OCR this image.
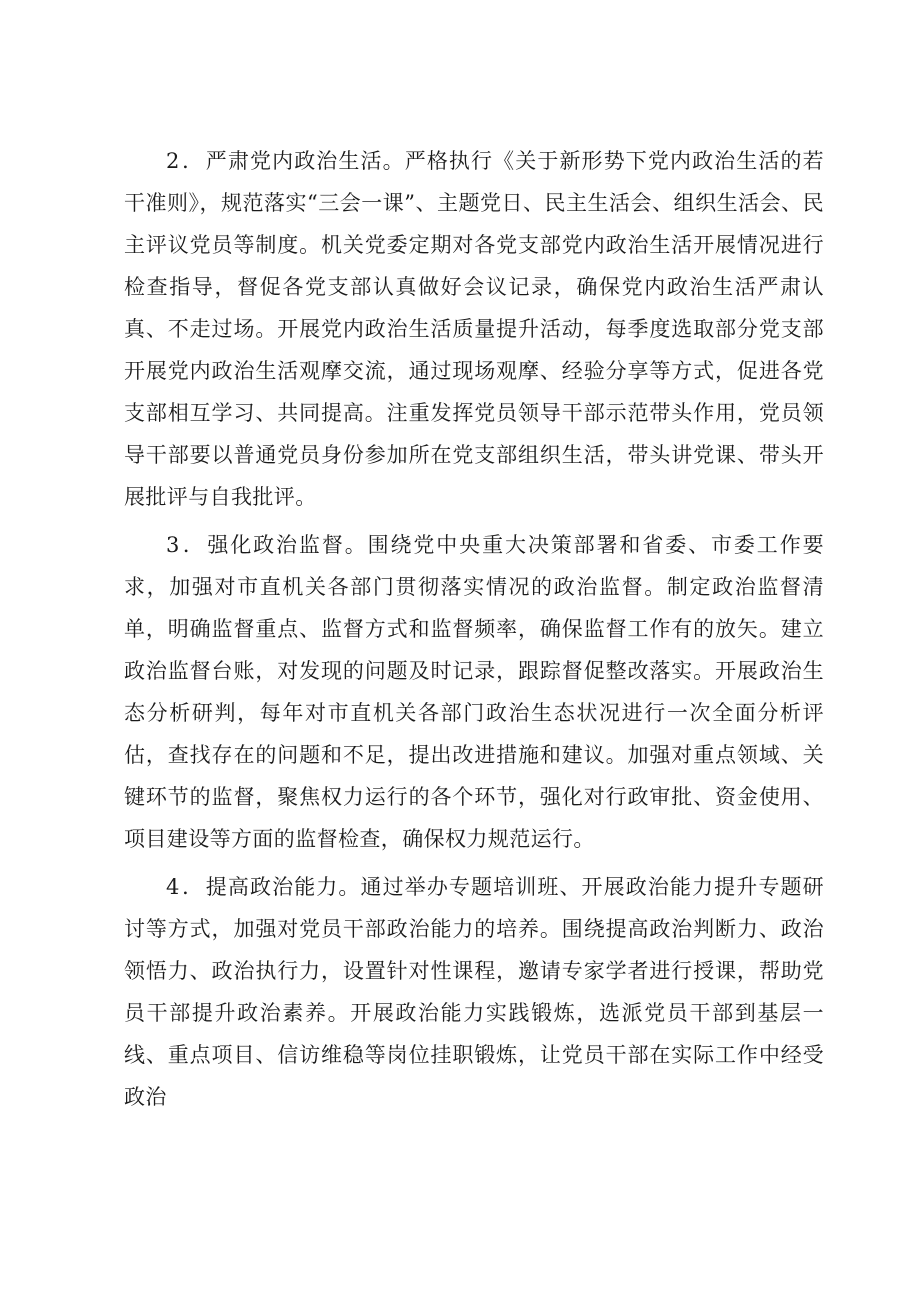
2．严肃党内政治生活。严格执行《关于新形势下党内政治生活的若干准则》，规范落实“三会一课”、主题党日、民主生活会、组织生活会、民主评议党员等制度。机关党委定期对各党支部党内政治生活开展情况进行检查指导，督促各党支部认真做好会议记录，确保党内政治生活严肃认真、不走过场。开展党内政治生活质量提升活动，每季度选取部分党支部开展党内政治生活观摩交流，通过现场观摩、经验分享等方式，促进各党支部相互学习、共同提高。注重发挥党员领导干部示范带头作用，党员领导干部要以普通党员身份参加所在党支部组织生活，带头讲党课、带头开展批评与自我批评。

3．强化政治监督。围绕党中央重大决策部署和省委、市委工作要求，加强对市直机关各部门贯彻落实情况的政治监督。制定政治监督清单，明确监督重点、监督方式和监督频率，确保监督工作有的放矢。建立政治监督台账，对发现的问题及时记录，跟踪督促整改落实。开展政治生态分析研判，每年对市直机关各部门政治生态状况进行一次全面分析评估，查找存在的问题和不足，提出改进措施和建议。加强对重点领域、关键环节的监督，聚焦权力运行的各个环节，强化对行政审批、资金使用、项目建设等方面的监督检查，确保权力规范运行。

4．提高政治能力。通过举办专题培训班、开展政治能力提升专题研讨等方式，加强对党员干部政治能力的培养。围绕提高政治判断力、政治领悟力、政治执行力，设置针对性课程，邀请专家学者进行授课，帮助党员干部提升政治素养。开展政治能力实践锻炼，选派党员干部到基层一线、重点项目、信访维稳等岗位挂职锻炼，让党员干部在实际工作中经受政治
